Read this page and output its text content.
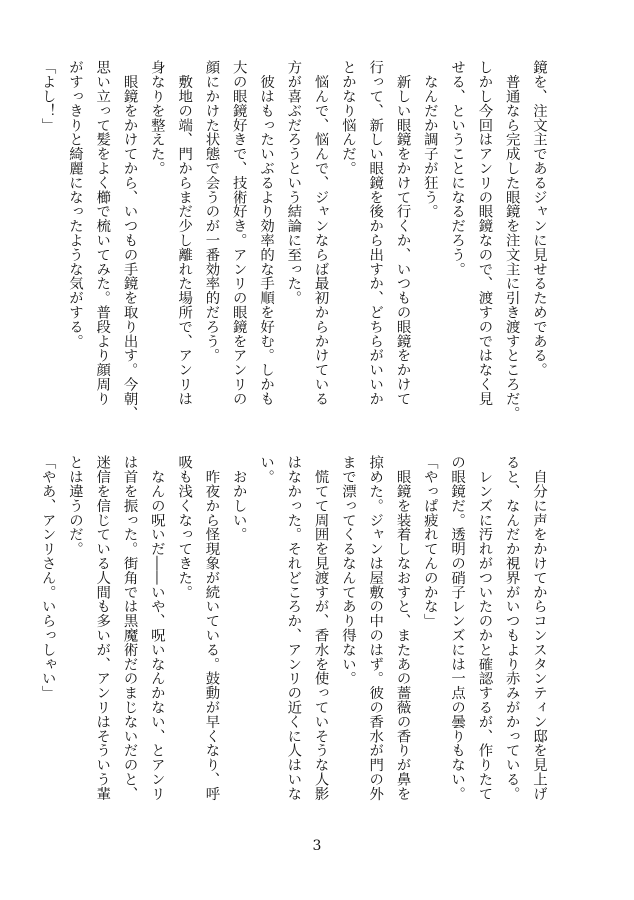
鏡を、注文主であるジャンに見せるためである。
　普通なら完成した眼鏡を注文主に引き渡すところだ。
しかし今回はアンリの眼鏡なので、渡すのではなく見
せる、ということになるだろう。
　なんだか調子が狂う。
　新しい眼鏡をかけて行くか、いつもの眼鏡をかけて
行って、新しい眼鏡を後から出すか、どちらがいいか
とかなり悩んだ。
　悩んで、悩んで、ジャンならば最初からかけている
方が喜ぶだろうという結論に至った。
　彼はもったいぶるより効率的な手順を好む。しかも
大の眼鏡好きで、技術好き。アンリの眼鏡をアンリの
顔にかけた状態で会うのが一番効率的だろう。
　敷地の端、門からまだ少し離れた場所で、アンリは
身なりを整えた。
　眼鏡をかけてから、いつもの手鏡を取り出す。今朝、
思い立って髪をよく櫛で梳いてみた。普段より顔周り
がすっきりと綺麗になったような気がする。
「よし！」
　自分に声をかけてからコンスタンティン邸を見上げ
ると、なんだか視界がいつもより赤みがかっている。
　レンズに汚れがついたのかと確認するが、作りたて
の眼鏡だ。透明の硝子レンズには一点の曇りもない。
「やっぱ疲れてんのかな」
　眼鏡を装着しなおすと、またあの薔薇の香りが鼻を
掠めた。ジャンは屋敷の中のはず。彼の香水が門の外
まで漂ってくるなんてあり得ない。
　慌てて周囲を見渡すが、香水を使っていそうな人影
はなかった。それどころか、アンリの近くに人はいな
い。
　おかしい。
　昨夜から怪現象が続いている。鼓動が早くなり、呼
吸も浅くなってきた。
　なんの呪いだ――いや、呪いなんかない、とアンリ
は首を振った。街角では黒魔術だのまじないだのと、
迷信を信じている人間も多いが、アンリはそういう輩
とは違うのだ。
「やあ、アンリさん。いらっしゃい」
3
